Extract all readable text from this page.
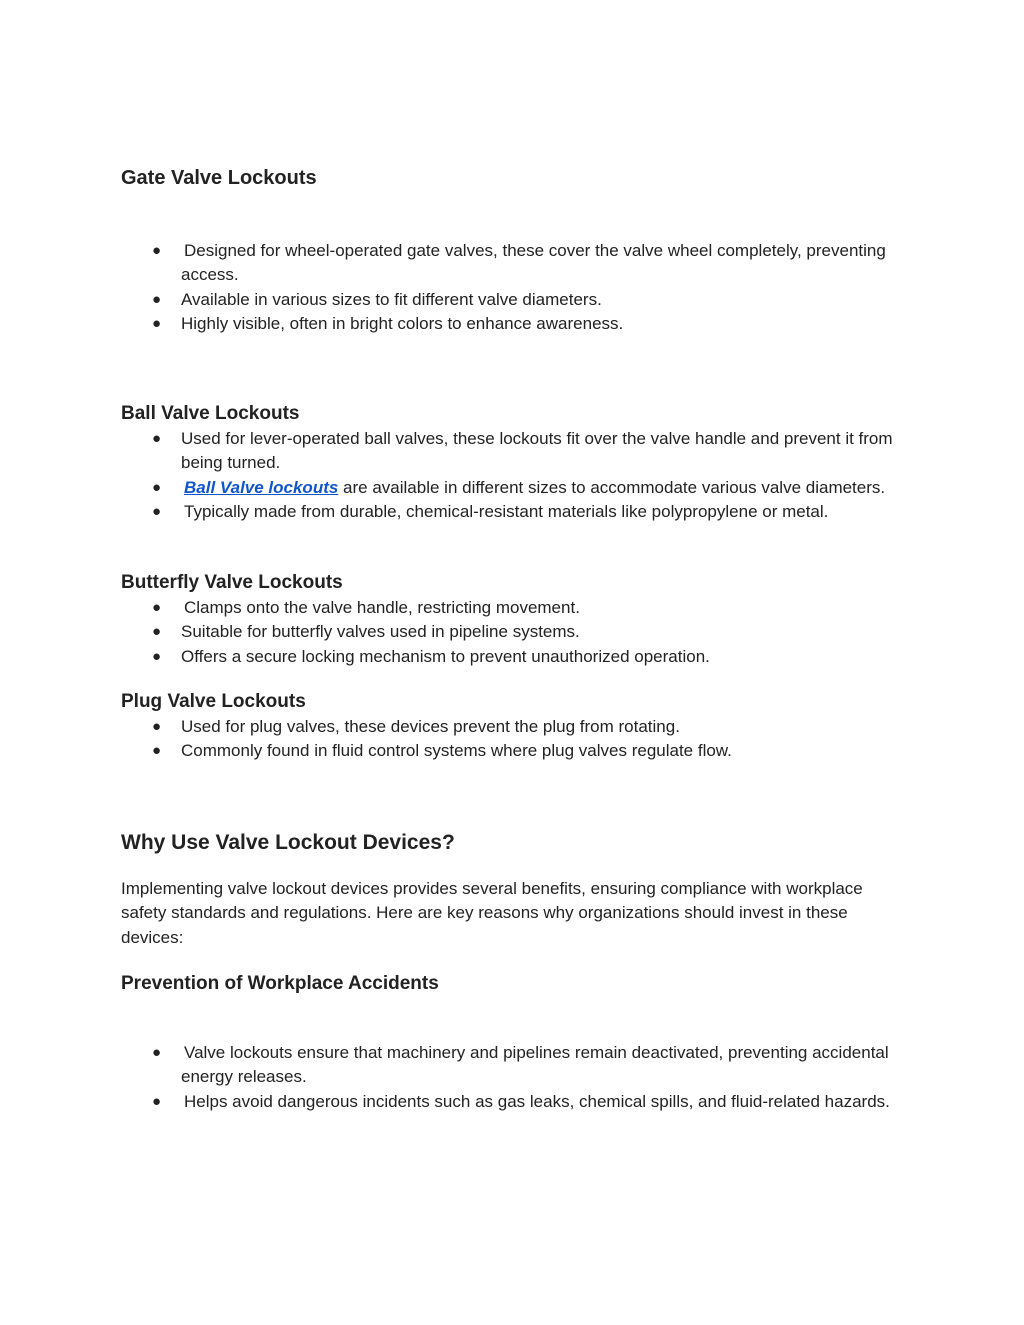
Gate Valve Lockouts
● Designed for wheel-operated gate valves, these cover the valve wheel completely, preventing access.
● Available in various sizes to fit different valve diameters.
● Highly visible, often in bright colors to enhance awareness.
Ball Valve Lockouts
● Used for lever-operated ball valves, these lockouts fit over the valve handle and prevent it from being turned.
● Ball Valve lockouts are available in different sizes to accommodate various valve diameters.
● Typically made from durable, chemical-resistant materials like polypropylene or metal.
Butterfly Valve Lockouts
● Clamps onto the valve handle, restricting movement.
● Suitable for butterfly valves used in pipeline systems.
● Offers a secure locking mechanism to prevent unauthorized operation.
Plug Valve Lockouts
● Used for plug valves, these devices prevent the plug from rotating.
● Commonly found in fluid control systems where plug valves regulate flow.
Why Use Valve Lockout Devices?

Implementing valve lockout devices provides several benefits, ensuring compliance with workplace safety standards and regulations. Here are key reasons why organizations should invest in these devices:

Prevention of Workplace Accidents
● Valve lockouts ensure that machinery and pipelines remain deactivated, preventing accidental energy releases.
● Helps avoid dangerous incidents such as gas leaks, chemical spills, and fluid-related hazards.
